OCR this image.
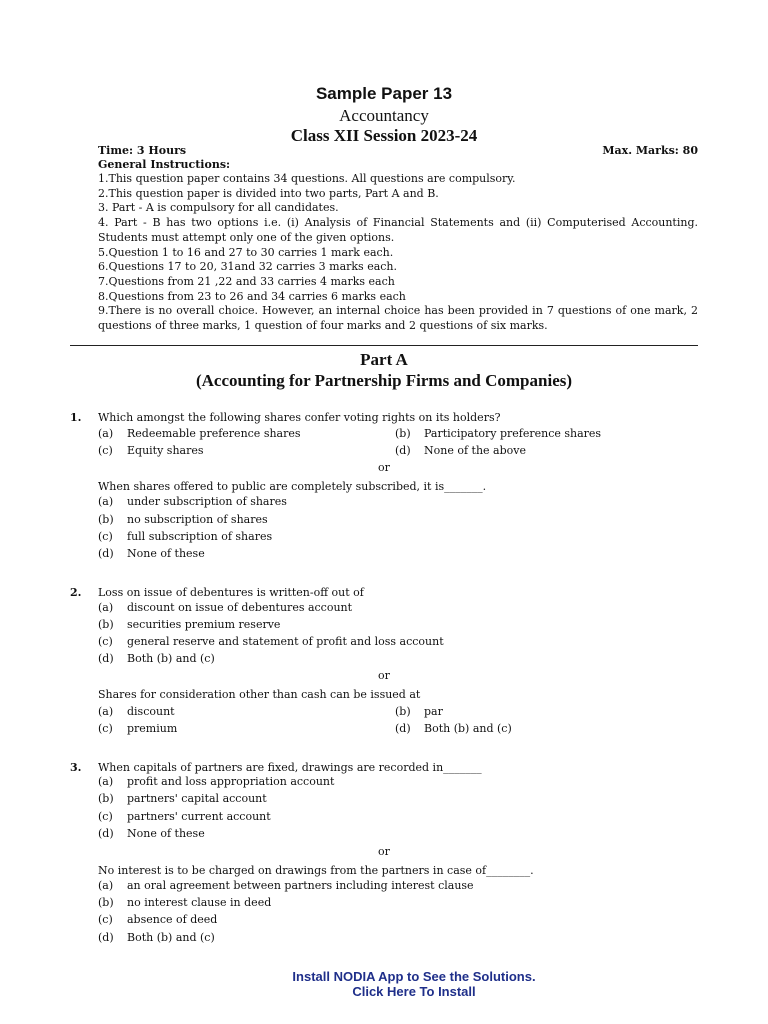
Sample Paper 13
Accountancy
Class XII Session 2023-24
Time: 3 Hours	Max. Marks: 80
General Instructions:
1.This question paper contains 34 questions. All questions are compulsory.
2.This question paper is divided into two parts, Part A and B.
3. Part - A is compulsory for all candidates.
4. Part - B has two options i.e. (i) Analysis of Financial Statements and (ii) Computerised Accounting. Students must attempt only one of the given options.
5.Question 1 to 16 and 27 to 30 carries 1 mark each.
6.Questions 17 to 20, 31and 32 carries 3 marks each.
7.Questions from 21 ,22 and 33 carries 4 marks each
8.Questions from 23 to 26 and 34 carries 6 marks each
9.There is no overall choice. However, an internal choice has been provided in 7 questions of one mark, 2 questions of three marks, 1 question of four marks and 2 questions of six marks.
Part A
(Accounting for Partnership Firms and Companies)
1. Which amongst the following shares confer voting rights on its holders?
(a) Redeemable preference shares	(b) Participatory preference shares
(c) Equity shares	(d) None of the above
or
When shares offered to public are completely subscribed, it is_______.
(a) under subscription of shares
(b) no subscription of shares
(c) full subscription of shares
(d) None of these
2. Loss on issue of debentures is written-off out of
(a) discount on issue of debentures account
(b) securities premium reserve
(c) general reserve and statement of profit and loss account
(d) Both (b) and (c)
or
Shares for consideration other than cash can be issued at
(a) discount	(b) par
(c) premium	(d) Both (b) and (c)
3. When capitals of partners are fixed, drawings are recorded in_______
(a) profit and loss appropriation account
(b) partners' capital account
(c) partners' current account
(d) None of these
or
No interest is to be charged on drawings from the partners in case of________.
(a) an oral agreement between partners including interest clause
(b) no interest clause in deed
(c) absence of deed
(d) Both (b) and (c)
Install NODIA App to See the Solutions.
Click Here To Install
